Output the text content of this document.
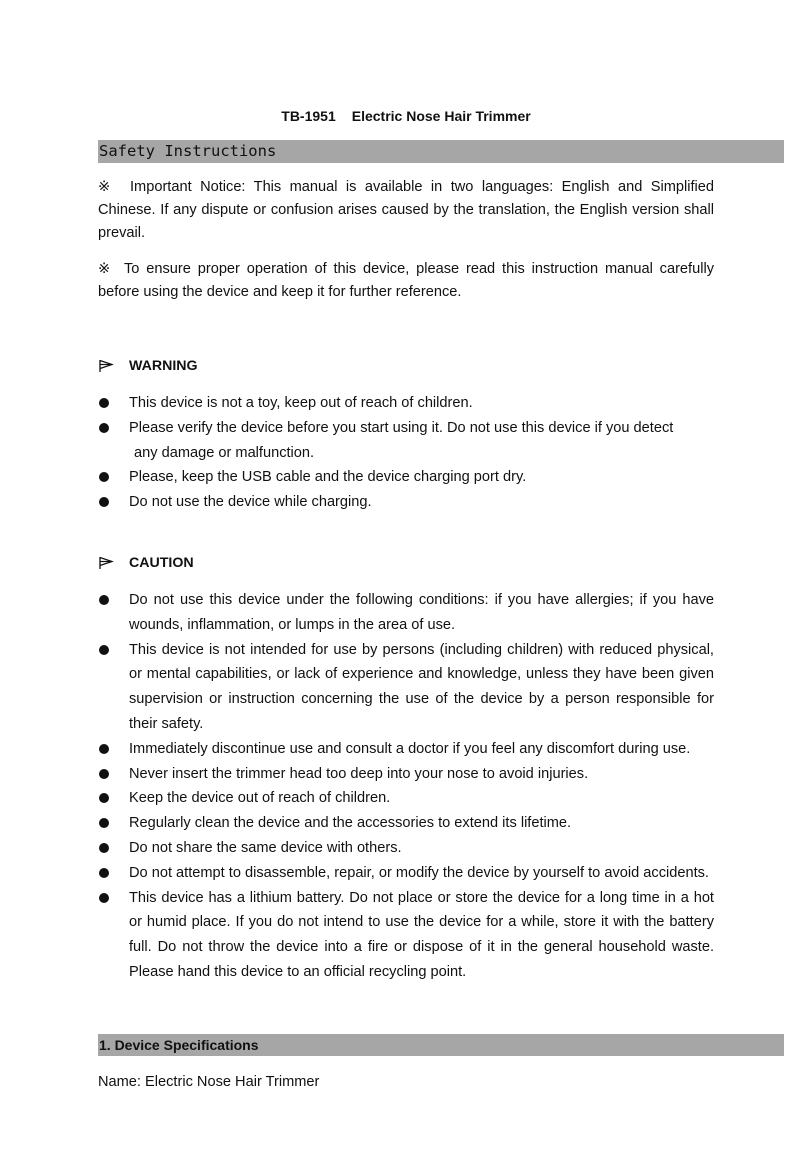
TB-1951 Electric Nose Hair Trimmer
Safety Instructions
※ Important Notice: This manual is available in two languages: English and Simplified Chinese. If any dispute or confusion arises caused by the translation, the English version shall prevail.
※ To ensure proper operation of this device, please read this instruction manual carefully before using the device and keep it for further reference.
WARNING
This device is not a toy, keep out of reach of children.
Please verify the device before you start using it. Do not use this device if you detect
any damage or malfunction.
Please, keep the USB cable and the device charging port dry.
Do not use the device while charging.
CAUTION
Do not use this device under the following conditions: if you have allergies; if you have wounds, inflammation, or lumps in the area of use.
This device is not intended for use by persons (including children) with reduced physical, or mental capabilities, or lack of experience and knowledge, unless they have been given supervision or instruction concerning the use of the device by a person responsible for their safety.
Immediately discontinue use and consult a doctor if you feel any discomfort during use.
Never insert the trimmer head too deep into your nose to avoid injuries.
Keep the device out of reach of children.
Regularly clean the device and the accessories to extend its lifetime.
Do not share the same device with others.
Do not attempt to disassemble, repair, or modify the device by yourself to avoid accidents.
This device has a lithium battery. Do not place or store the device for a long time in a hot or humid place. If you do not intend to use the device for a while, store it with the battery full. Do not throw the device into a fire or dispose of it in the general household waste. Please hand this device to an official recycling point.
1. Device Specifications
Name: Electric Nose Hair Trimmer
